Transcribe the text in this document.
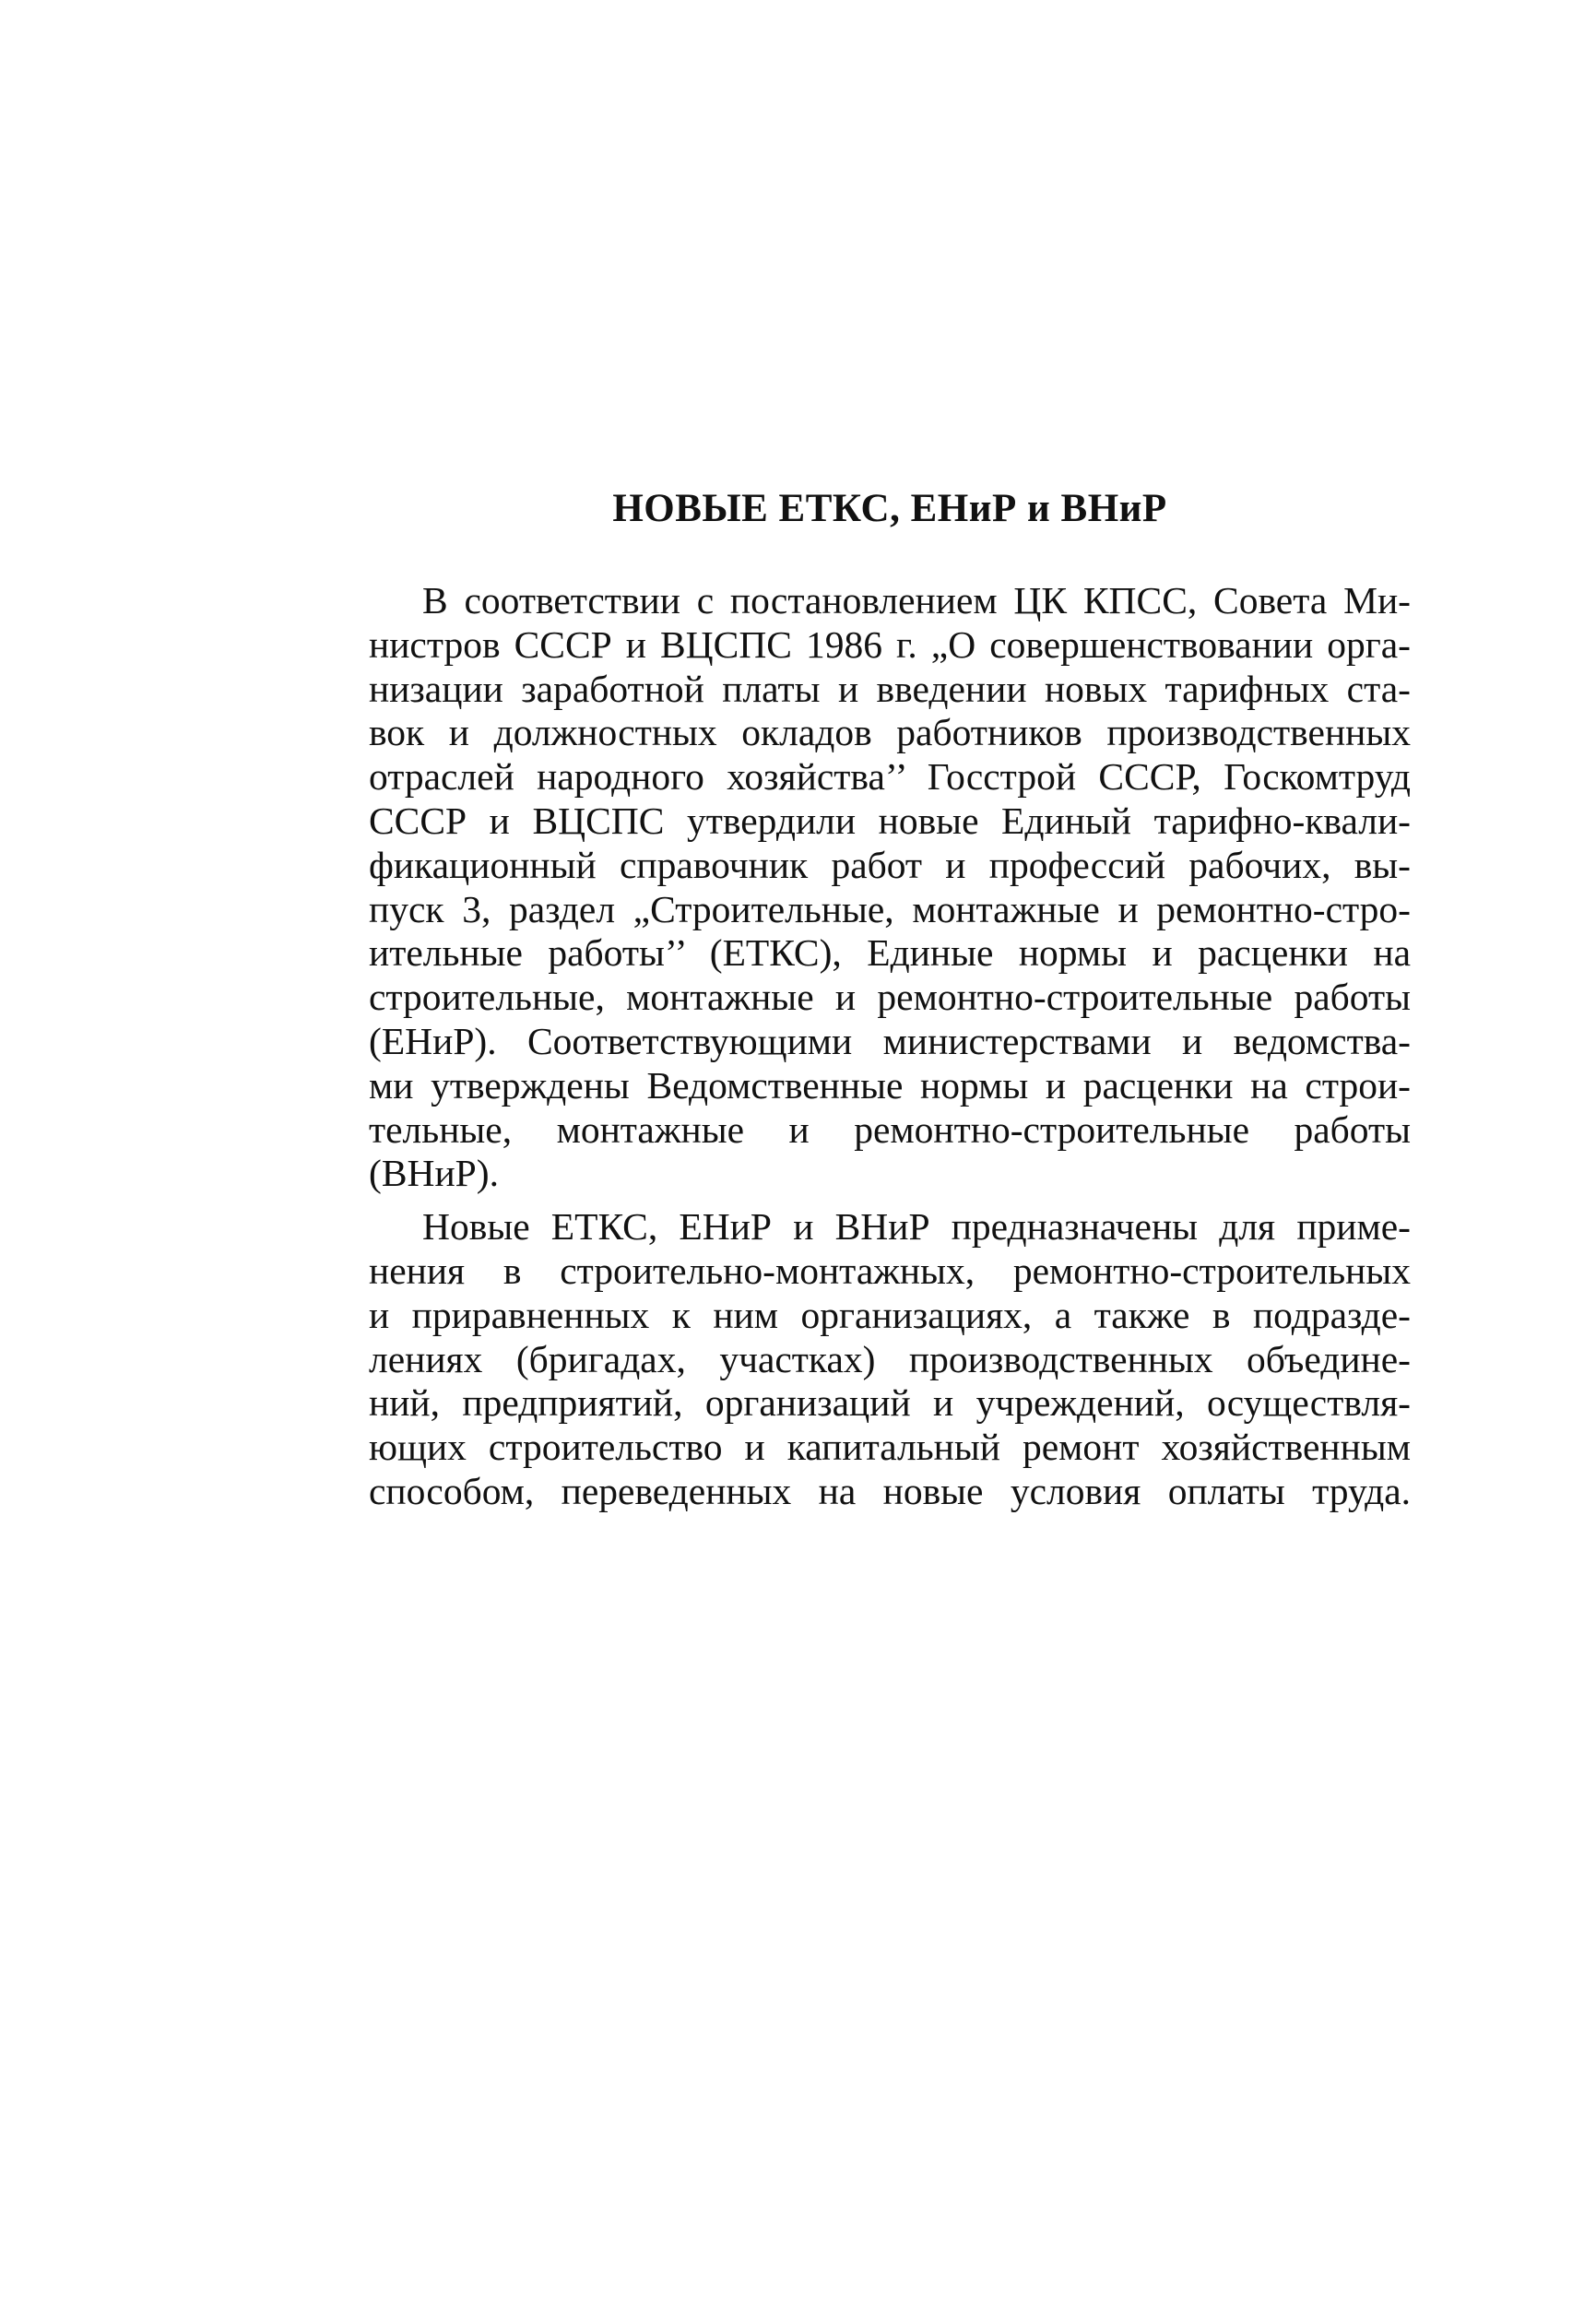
НОВЫЕ ЕТКС, ЕНиР и ВНиР
В соответствии с постановлением ЦК КПСС, Совета Ми-
нистров СССР и ВЦСПС 1986 г. „О совершенствовании орга-
низации заработной платы и введении новых тарифных ста-
вок и должностных окладов работников производственных
отраслей народного хозяйства’’ Госстрой СССР, Госкомтруд
СССР и ВЦСПС утвердили новые Единый тарифно-квали-
фикационный справочник работ и профессий рабочих, вы-
пуск 3, раздел „Строительные, монтажные и ремонтно-стро-
ительные работы’’ (ЕТКС), Единые нормы и расценки на
строительные, монтажные и ремонтно-строительные работы
(ЕНиР). Соответствующими министерствами и ведомства-
ми утверждены Ведомственные нормы и расценки на строи-
тельные, монтажные и ремонтно-строительные работы
(ВНиР).
Новые ЕТКС, ЕНиР и ВНиР предназначены для приме-
нения в строительно-монтажных, ремонтно-строительных
и приравненных к ним организациях, а также в подразде-
лениях (бригадах, участках) производственных объедине-
ний, предприятий, организаций и учреждений, осуществля-
ющих строительство и капитальный ремонт хозяйственным
способом, переведенных на новые условия оплаты труда.
